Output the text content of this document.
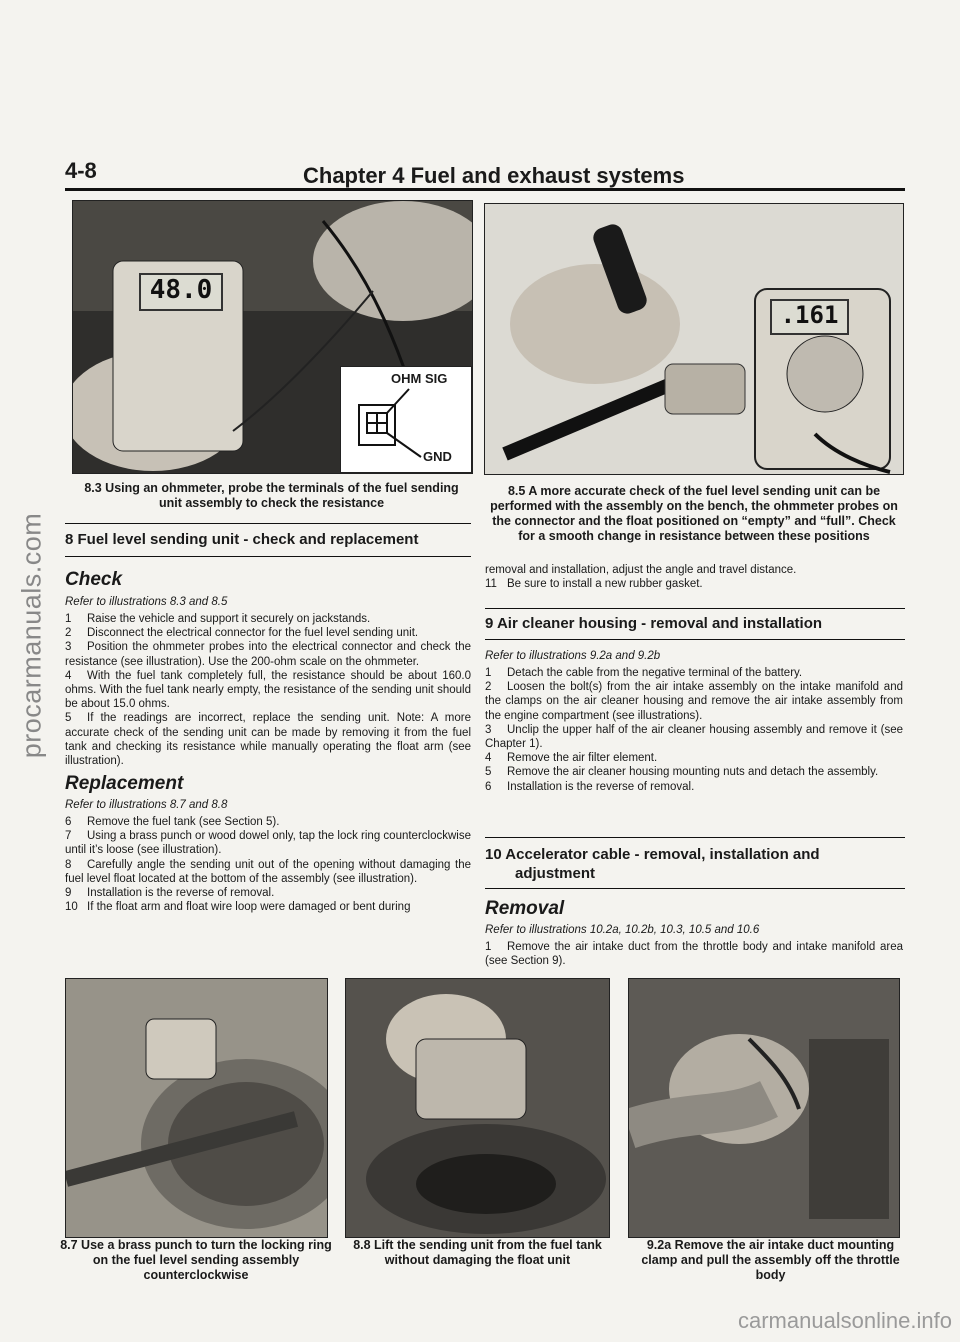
4-8	Chapter 4 Fuel and exhaust systems
48.0
OHM SIG
GND
8.3 Using an ohmmeter, probe the terminals of the fuel sending unit assembly to check the resistance
.161
8.5 A more accurate check of the fuel level sending unit can be performed with the assembly on the bench, the ohmmeter probes on the connector and the float positioned on “empty” and “full”. Check for a smooth change in resistance between these positions
8 Fuel level sending unit - check and replacement
Check
Refer to illustrations 8.3 and 8.5
1 Raise the vehicle and support it securely on jackstands.
2 Disconnect the electrical connector for the fuel level sending unit.
3 Position the ohmmeter probes into the electrical connector and check the resistance (see illustration). Use the 200-ohm scale on the ohmmeter.
4 With the fuel tank completely full, the resistance should be about 160.0 ohms. With the fuel tank nearly empty, the resistance of the sending unit should be about 15.0 ohms.
5 If the readings are incorrect, replace the sending unit. Note: A more accurate check of the sending unit can be made by removing it from the fuel tank and checking its resistance while manually operating the float arm (see illustration).
Replacement
Refer to illustrations 8.7 and 8.8
6 Remove the fuel tank (see Section 5).
7 Using a brass punch or wood dowel only, tap the lock ring counterclockwise until it’s loose (see illustration).
8 Carefully angle the sending unit out of the opening without damaging the fuel level float located at the bottom of the assembly (see illustration).
9 Installation is the reverse of removal.
10 If the float arm and float wire loop were damaged or bent during
removal and installation, adjust the angle and travel distance.
11 Be sure to install a new rubber gasket.
9 Air cleaner housing - removal and installation
Refer to illustrations 9.2a and 9.2b
1 Detach the cable from the negative terminal of the battery.
2 Loosen the bolt(s) from the air intake assembly on the intake manifold and the clamps on the air cleaner housing and remove the air intake assembly from the engine compartment (see illustrations).
3 Unclip the upper half of the air cleaner housing assembly and remove it (see Chapter 1).
4 Remove the air filter element.
5 Remove the air cleaner housing mounting nuts and detach the assembly.
6 Installation is the reverse of removal.
10 Accelerator cable - removal, installation and
adjustment
Removal
Refer to illustrations 10.2a, 10.2b, 10.3, 10.5 and 10.6
1 Remove the air intake duct from the throttle body and intake manifold area (see Section 9).
8.7 Use a brass punch to turn the locking ring on the fuel level sending assembly counterclockwise
8.8 Lift the sending unit from the fuel tank without damaging the float unit
9.2a Remove the air intake duct mounting clamp and pull the assembly off the throttle body
procarmanuals.com
carmanualsonline.info
